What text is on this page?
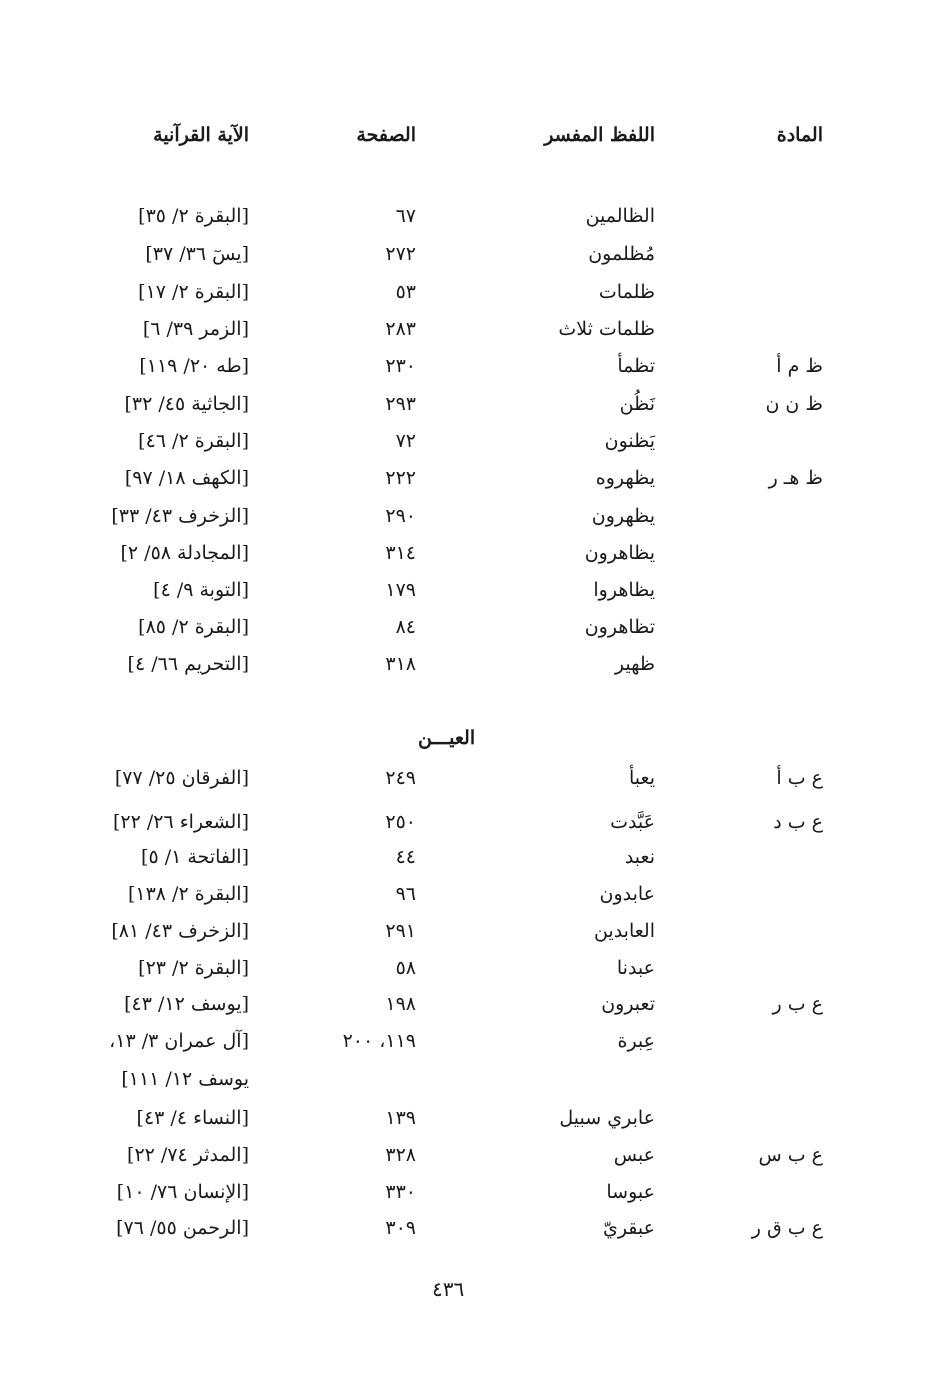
المادة
اللفظ المفسر
الصفحة
الآية القرآنية
الظالمين
٦٧
[البقرة ٢/ ٣٥]
مُظلمون
٢٧٢
[يسٓ ٣٦/ ٣٧]
ظلمات
٥٣
[البقرة ٢/ ١٧]
ظلمات ثلاث
٢٨٣
[الزمر ٣٩/ ٦]
ظ م أ
تظمأ
٢٣٠
[طه ٢٠/ ١١٩]
ظ ن ن
نَظُن
٢٩٣
[الجاثية ٤٥/ ٣٢]
يَظنون
٧٢
[البقرة ٢/ ٤٦]
ظ هـ ر
يظهروه
٢٢٢
[الكهف ١٨/ ٩٧]
يظهرون
٢٩٠
[الزخرف ٤٣/ ٣٣]
يظاهرون
٣١٤
[المجادلة ٥٨/ ٢]
يظاهروا
١٧٩
[التوبة ٩/ ٤]
تظاهرون
٨٤
[البقرة ٢/ ٨٥]
ظهير
٣١٨
[التحريم ٦٦/ ٤]
ع ب أ
يعبأ
٢٤٩
[الفرقان ٢٥/ ٧٧]
ع ب د
عَبَّدت
٢٥٠
[الشعراء ٢٦/ ٢٢]
نعبد
٤٤
[الفاتحة ١/ ٥]
عابدون
٩٦
[البقرة ٢/ ١٣٨]
العابدين
٢٩١
[الزخرف ٤٣/ ٨١]
عبدنا
٥٨
[البقرة ٢/ ٢٣]
ع ب ر
تعبرون
١٩٨
[يوسف ١٢/ ٤٣]
عِبرة
١١٩، ٢٠٠
[آل عمران ٣/ ١٣،
يوسف ١٢/ ١١١]
عابري سبيل
١٣٩
[النساء ٤/ ٤٣]
ع ب س
عبس
٣٢٨
[المدثر ٧٤/ ٢٢]
عبوسا
٣٣٠
[الإنسان ٧٦/ ١٠]
ع ب ق ر
عبقريّ
٣٠٩
[الرحمن ٥٥/ ٧٦]
العيـــن
٤٣٦
